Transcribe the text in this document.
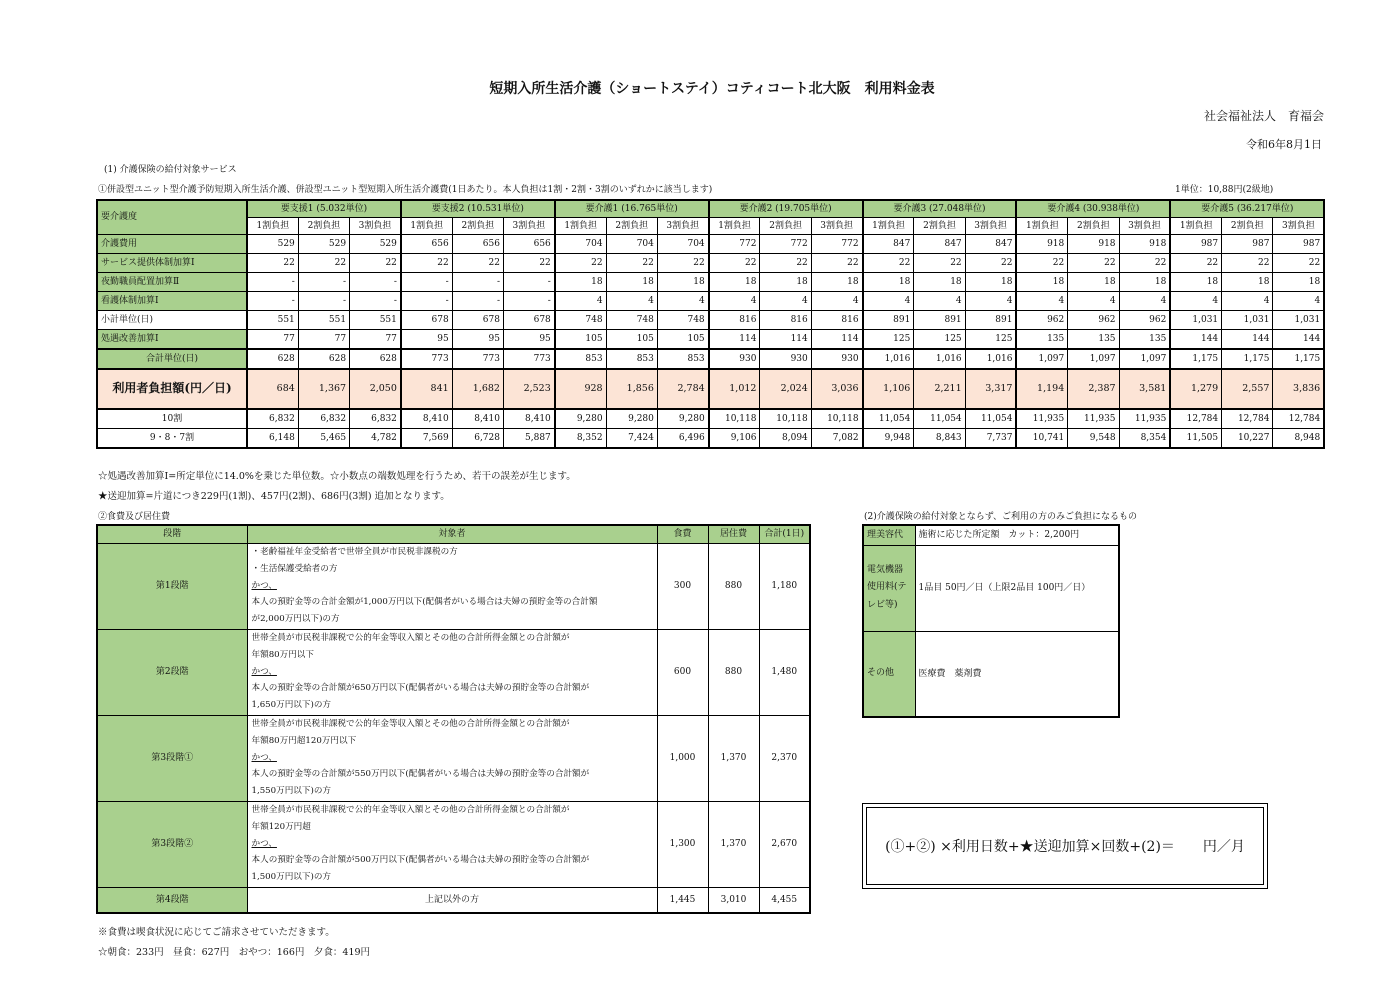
短期入所生活介護（ショートステイ）コティコート北大阪　利用料金表
社会福祉法人　育福会
令和6年8月1日
(1) 介護保険の給付対象サービス
①併設型ユニット型介護予防短期入所生活介護、併設型ユニット型短期入所生活介護費(1日あたり。本人負担は1割・2割・3割のいずれかに該当します)	1単位：10,88円(2級地)
要介護度	要支援1 (5.032単位)			要支援2 (10.531単位)			要介護1 (16.765単位)			要介護2 (19.705単位)			要介護3 (27.048単位)			要介護4 (30.938単位)			要介護5 (36.217単位)		
	1割負担	2割負担	3割負担	1割負担	2割負担	3割負担	1割負担	2割負担	3割負担	1割負担	2割負担	3割負担	1割負担	2割負担	3割負担	1割負担	2割負担	3割負担	1割負担	2割負担	3割負担
介護費用	529	529	529	656	656	656	704	704	704	772	772	772	847	847	847	918	918	918	987	987	987
サービス提供体制加算Ⅰ	22	22	22	22	22	22	22	22	22	22	22	22	22	22	22	22	22	22	22	22	22
夜勤職員配置加算Ⅱ	-	-	-	-	-	-	18	18	18	18	18	18	18	18	18	18	18	18	18	18	18
看護体制加算Ⅰ	-	-	-	-	-	-	4	4	4	4	4	4	4	4	4	4	4	4	4	4	4
小計単位(日)	551	551	551	678	678	678	748	748	748	816	816	816	891	891	891	962	962	962	1,031	1,031	1,031
処遇改善加算Ⅰ	77	77	77	95	95	95	105	105	105	114	114	114	125	125	125	135	135	135	144	144	144
合計単位(日)	628	628	628	773	773	773	853	853	853	930	930	930	1,016	1,016	1,016	1,097	1,097	1,097	1,175	1,175	1,175
利用者負担額(円／日)	684	1,367	2,050	841	1,682	2,523	928	1,856	2,784	1,012	2,024	3,036	1,106	2,211	3,317	1,194	2,387	3,581	1,279	2,557	3,836
10割	6,832	6,832	6,832	8,410	8,410	8,410	9,280	9,280	9,280	10,118	10,118	10,118	11,054	11,054	11,054	11,935	11,935	11,935	12,784	12,784	12,784
9・8・7割	6,148	5,465	4,782	7,569	6,728	5,887	8,352	7,424	6,496	9,106	8,094	7,082	9,948	8,843	7,737	10,741	9,548	8,354	11,505	10,227	8,948
☆処遇改善加算Ⅰ=所定単位に14.0%を乗じた単位数。☆小数点の端数処理を行うため、若干の誤差が生じます。
★送迎加算=片道につき229円(1割)、457円(2割)、686円(3割) 追加となります。
②食費及び居住費
段階	対象者	食費	居住費	合計(1日)
第1段階	・老齢福祉年金受給者で世帯全員が市民税非課税の方
・生活保護受給者の方
かつ、
本人の預貯金等の合計金額が1,000万円以下(配偶者がいる場合は夫婦の預貯金等の合計額
が2,000万円以下)の方	300	880	1,180
第2段階	世帯全員が市民税非課税で公的年金等収入額とその他の合計所得金額との合計額が
年額80万円以下
かつ、
本人の預貯金等の合計額が650万円以下(配偶者がいる場合は夫婦の預貯金等の合計額が
1,650万円以下)の方	600	880	1,480
第3段階①	世帯全員が市民税非課税で公的年金等収入額とその他の合計所得金額との合計額が
年額80万円超120万円以下
かつ、
本人の預貯金等の合計額が550万円以下(配偶者がいる場合は夫婦の預貯金等の合計額が
1,550万円以下)の方	1,000	1,370	2,370
第3段階②	世帯全員が市民税非課税で公的年金等収入額とその他の合計所得金額との合計額が
年額120万円超
かつ、
本人の預貯金等の合計額が500万円以下(配偶者がいる場合は夫婦の預貯金等の合計額が
1,500万円以下)の方	1,300	1,370	2,670
第4段階	上記以外の方	1,445	3,010	4,455
※食費は喫食状況に応じてご請求させていただきます。
☆朝食：233円　昼食：627円　おやつ：166円　夕食：419円
(2)介護保険の給付対象とならず、ご利用の方のみご負担になるもの
理美容代	施術に応じた所定額　カット：2,200円
電気機器使用料(テレビ等)	1品目 50円／日（上限2品目 100円／日）
その他	医療費　薬剤費
(①+②) ×利用日数+★送迎加算×回数+(2)＝　　円／月
